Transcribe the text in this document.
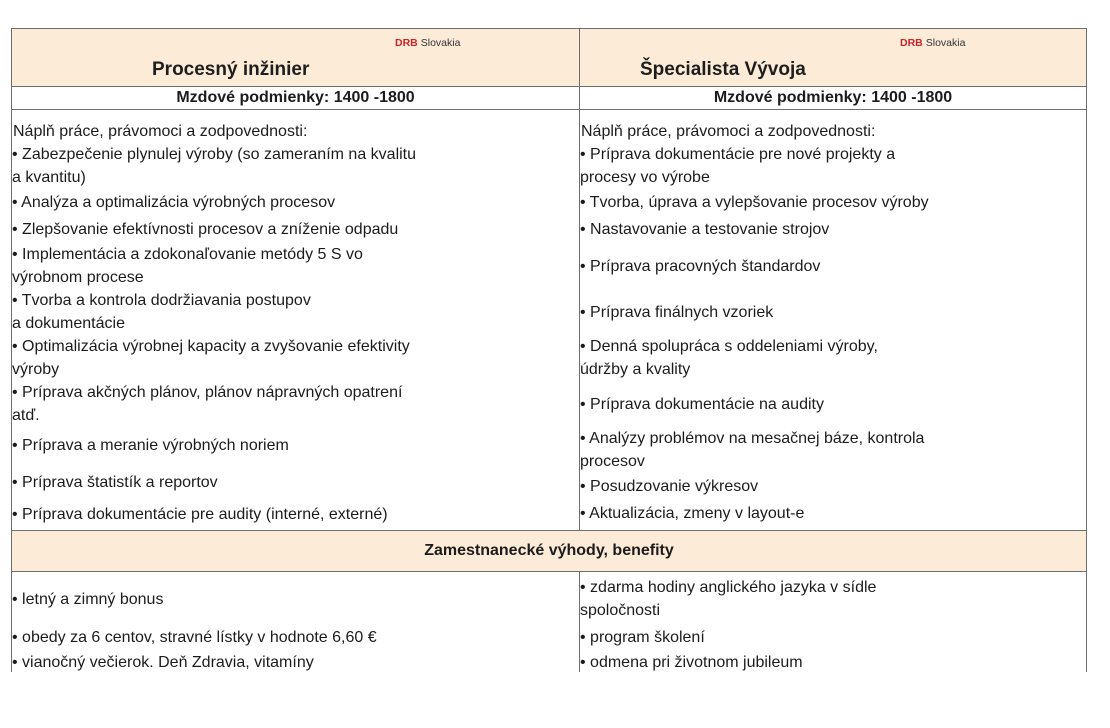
DRB Slovakia
Procesný inžinier
DRB Slovakia
Špecialista Vývoja
Mzdové podmienky: 1400 -1800	Mzdové podmienky: 1400 -1800
Náplň práce, právomoci a zodpovednosti:
• Zabezpečenie plynulej výroby (so zameraním na kvalitu
a kvantitu)
• Analýza a optimalizácia výrobných procesov
• Zlepšovanie efektívnosti procesov a zníženie odpadu
• Implementácia a zdokonaľovanie metódy 5 S vo
výrobnom procese
• Tvorba a kontrola dodržiavania postupov
a dokumentácie
• Optimalizácia výrobnej kapacity a zvyšovanie efektivity
výroby
• Príprava akčných plánov, plánov nápravných opatrení
atď.
• Príprava a meranie výrobných noriem
• Príprava štatistík a reportov
• Príprava dokumentácie pre audity (interné, externé)
Náplň práce, právomoci a zodpovednosti:
• Príprava dokumentácie pre nové projekty a
procesy vo výrobe
• Tvorba, úprava a vylepšovanie procesov výroby
• Nastavovanie a testovanie strojov
• Príprava pracovných štandardov
• Príprava finálnych vzoriek
• Denná spolupráca s oddeleniami výroby,
údržby a kvality
• Príprava dokumentácie na audity
• Analýzy problémov na mesačnej báze, kontrola
procesov
• Posudzovanie výkresov
• Aktualizácia, zmeny v layout-e
Zamestnanecké výhody, benefity
• letný a zimný bonus
• obedy za 6 centov, stravné lístky v hodnote 6,60 €
• vianočný večierok. Deň Zdravia, vitamíny
• zdarma hodiny anglického jazyka v sídle
spoločnosti
• program školení
• odmena pri životnom jubileum
